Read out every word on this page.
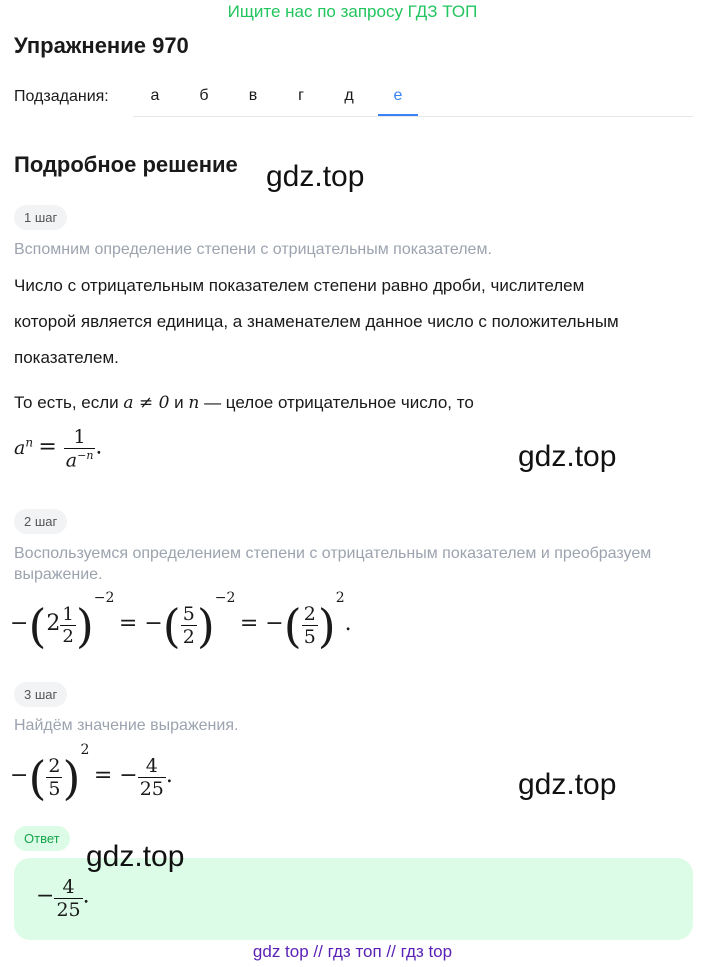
Ищите нас по запросу ГДЗ ТОП
Упражнение 970
Подзадания:	а	б	в	г	д	е
Подробное решение gdz.top
1 шаг
Вспомним определение степени с отрицательным показателем.
Число с отрицательным показателем степени равно дроби, числителем
которой является единица, а знаменателем данное число с положительным
показателем.
То есть, если a ≠ 0 и n — целое отрицательное число, то
$a^n = \frac{1}{a^{-n}}$ .	gdz.top
2 шаг
Воспользуемся определением степени с отрицательным показателем и преобразуем выражение.
$-(2 \frac{1}{2} )^{-2}$ = −( $\frac{5}{2} )^{-2}$ = −( $\frac{2}{5} )^2$.
3 шаг
Найдём значение выражения.
−( $\frac{2}{5} )^2$ = − $\frac{4}{25}$ .	gdz.top
Ответ
− $\frac{4}{25}$ .
gdz.top
gdz top // гдз топ // гдз top
